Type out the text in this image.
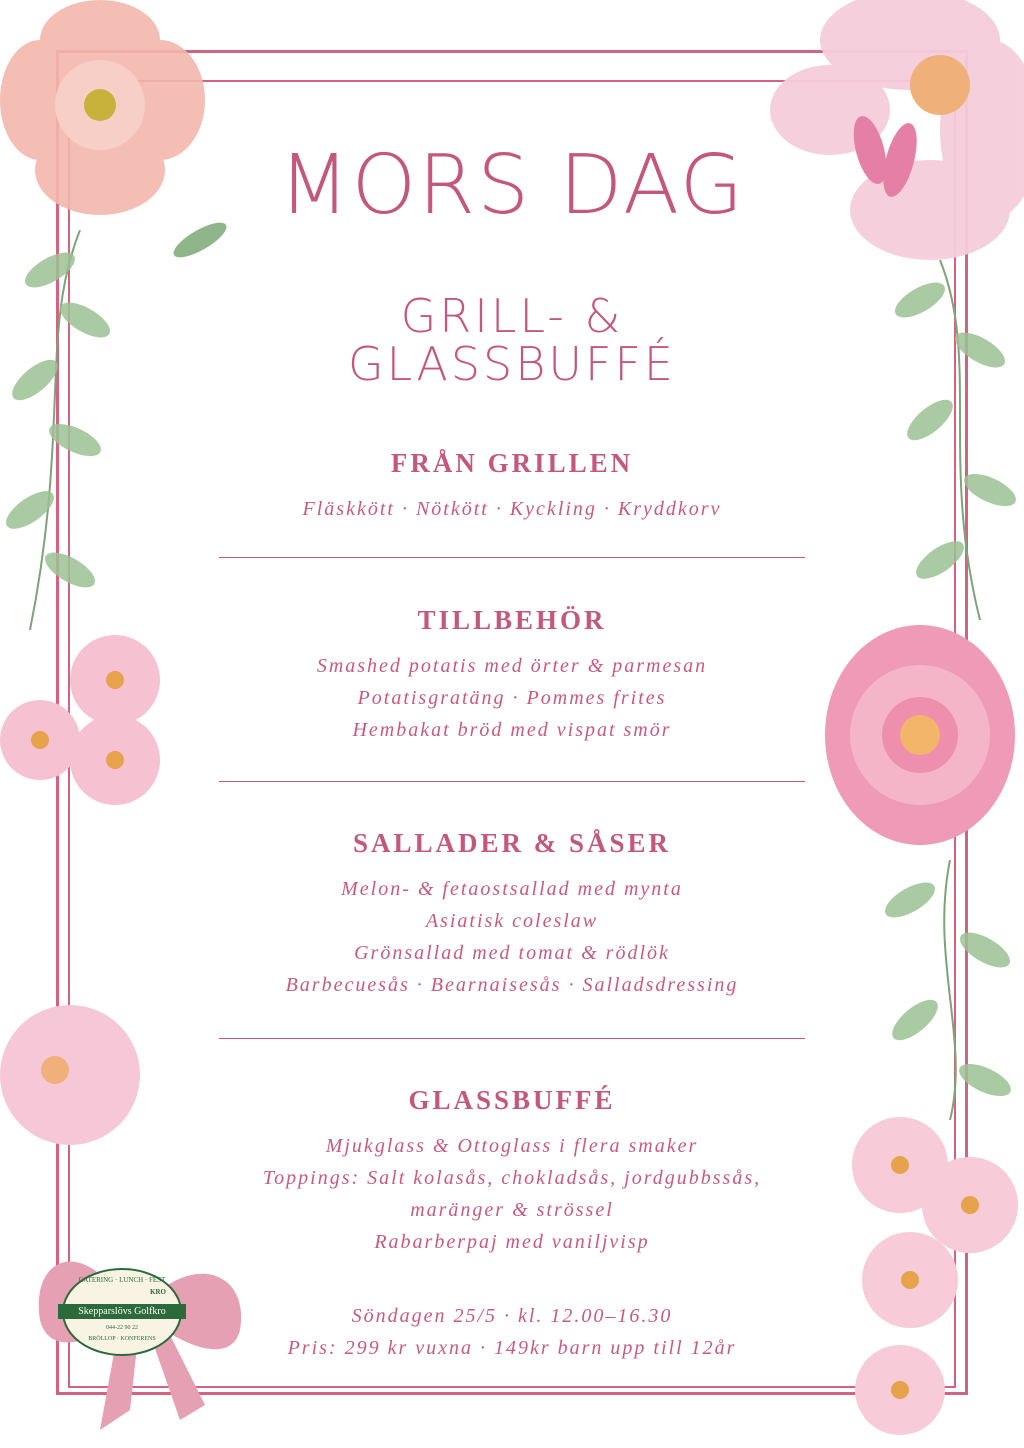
CATERING · LUNCH · FEST
KRO
Skepparslövs Golfkro
044-22 90 22
BRÖLLOP · KONFERENS
MORS DAG
GRILL- &
GLASSBUFFÉ
FRÅN GRILLEN
Fläskkött · Nötkött · Kyckling · Kryddkorv
TILLBEHÖR
Smashed potatis med örter & parmesan
Potatisgratäng · Pommes frites
Hembakat bröd med vispat smör
SALLADER & SÅSER
Melon- & fetaostsallad med mynta
Asiatisk coleslaw
Grönsallad med tomat & rödlök
Barbecuesås · Bearnaisesås · Salladsdressing
GLASSBUFFÉ
Mjukglass & Ottoglass i flera smaker
Toppings: Salt kolasås, chokladsås, jordgubbssås,
maränger & strössel
Rabarberpaj med vaniljvisp
Söndagen 25/5 · kl. 12.00–16.30
Pris: 299 kr vuxna · 149kr barn upp till 12år
